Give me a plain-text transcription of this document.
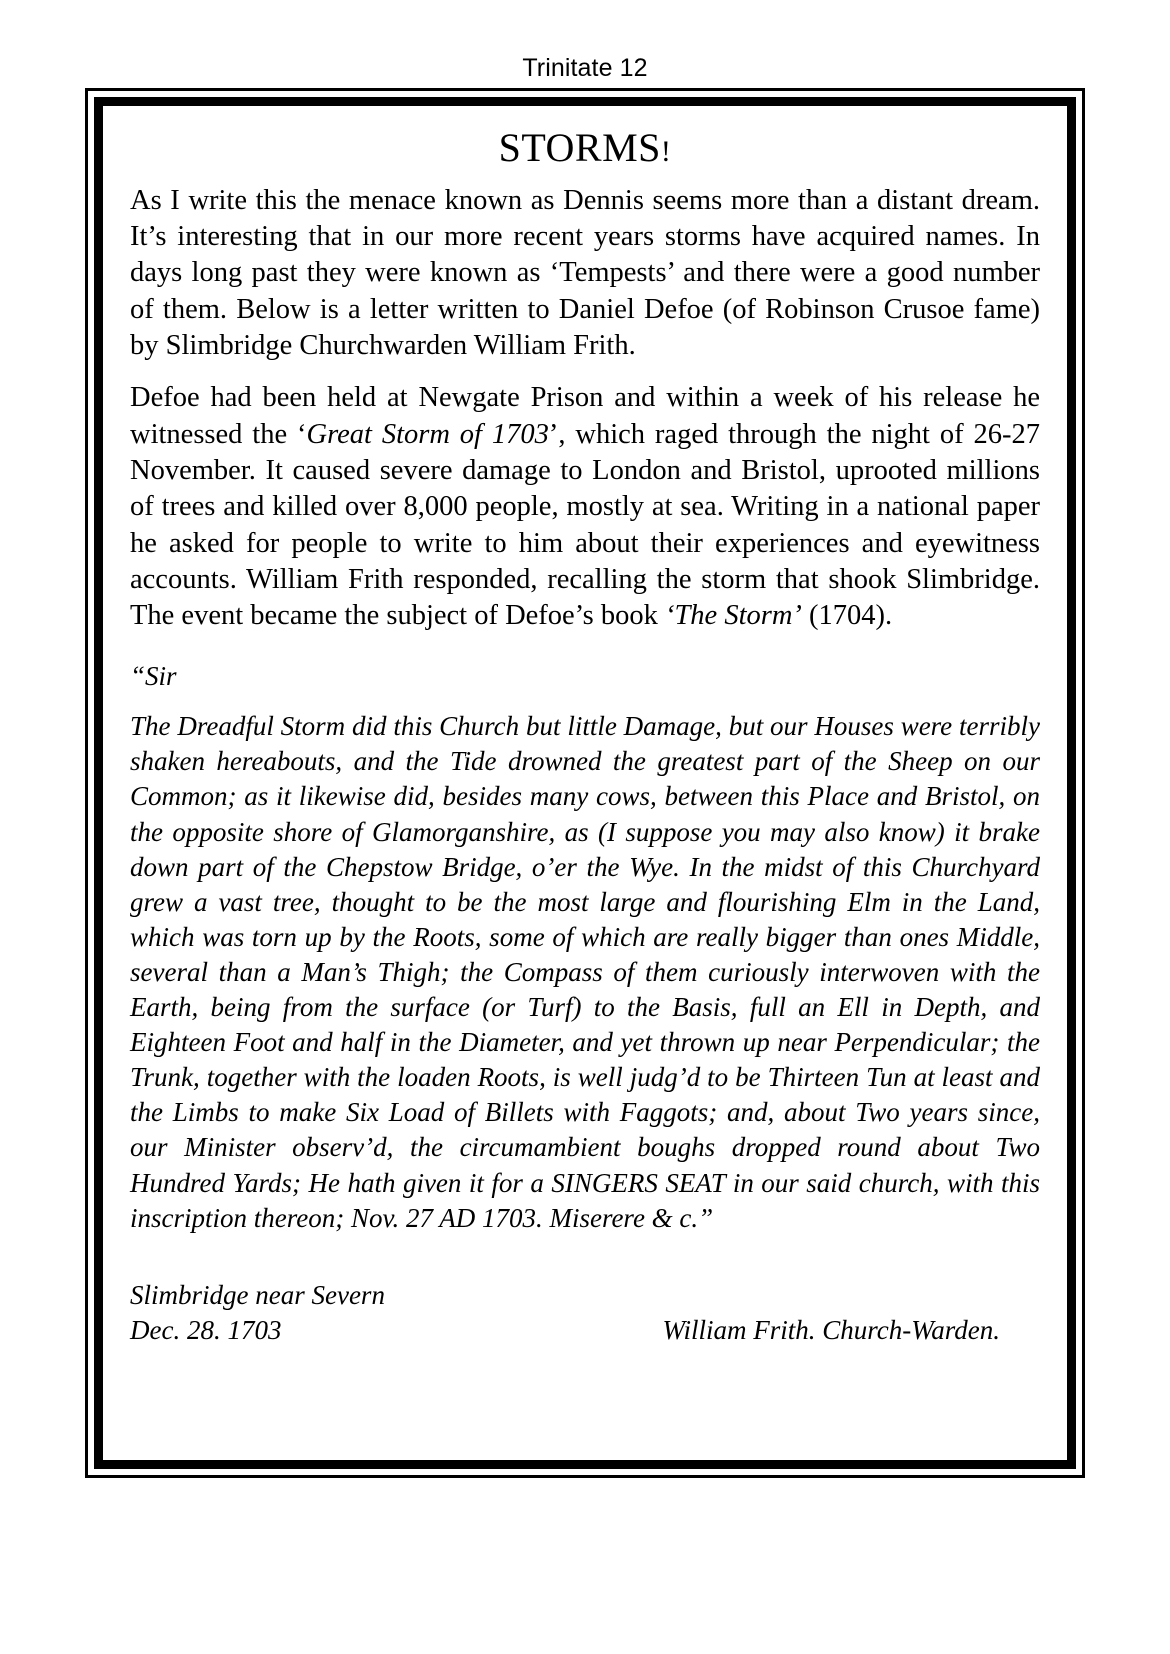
Trinitate 12
STORMS!

As I write this the menace known as Dennis seems more than a distant dream. It’s interesting that in our more recent years storms have acquired names. In days long past they were known as ‘Tempests’ and there were a good number of them. Below is a letter written to Daniel Defoe (of Robinson Crusoe fame) by Slimbridge Churchwarden William Frith.

Defoe had been held at Newgate Prison and within a week of his release he witnessed the ‘Great Storm of 1703’, which raged through the night of 26-27 November. It caused severe damage to London and Bristol, uprooted millions of trees and killed over 8,000 people, mostly at sea. Writing in a national paper he asked for people to write to him about their experiences and eyewitness accounts. William Frith responded, recalling the storm that shook Slimbridge. The event became the subject of Defoe’s book ‘The Storm’ (1704).

“Sir

The Dreadful Storm did this Church but little Damage, but our Houses were terribly shaken hereabouts, and the Tide drowned the greatest part of the Sheep on our Common; as it likewise did, besides many cows, between this Place and Bristol, on the opposite shore of Glamorganshire, as (I suppose you may also know) it brake down part of the Chepstow Bridge, o’er the Wye. In the midst of this Churchyard grew a vast tree, thought to be the most large and flourishing Elm in the Land, which was torn up by the Roots, some of which are really bigger than ones Middle, several than a Man’s Thigh; the Compass of them curiously interwoven with the Earth, being from the surface (or Turf) to the Basis, full an Ell in Depth, and Eighteen Foot and half in the Diameter, and yet thrown up near Perpendicular; the Trunk, together with the loaden Roots, is well judg’d to be Thirteen Tun at least and the Limbs to make Six Load of Billets with Faggots; and, about Two years since, our Minister observ’d, the circumambient boughs dropped round about Two Hundred Yards; He hath given it for a SINGERS SEAT in our said church, with this inscription thereon; Nov. 27 AD 1703. Miserere & c.”

Slimbridge near Severn
Dec. 28. 1703	William Frith. Church-Warden.
